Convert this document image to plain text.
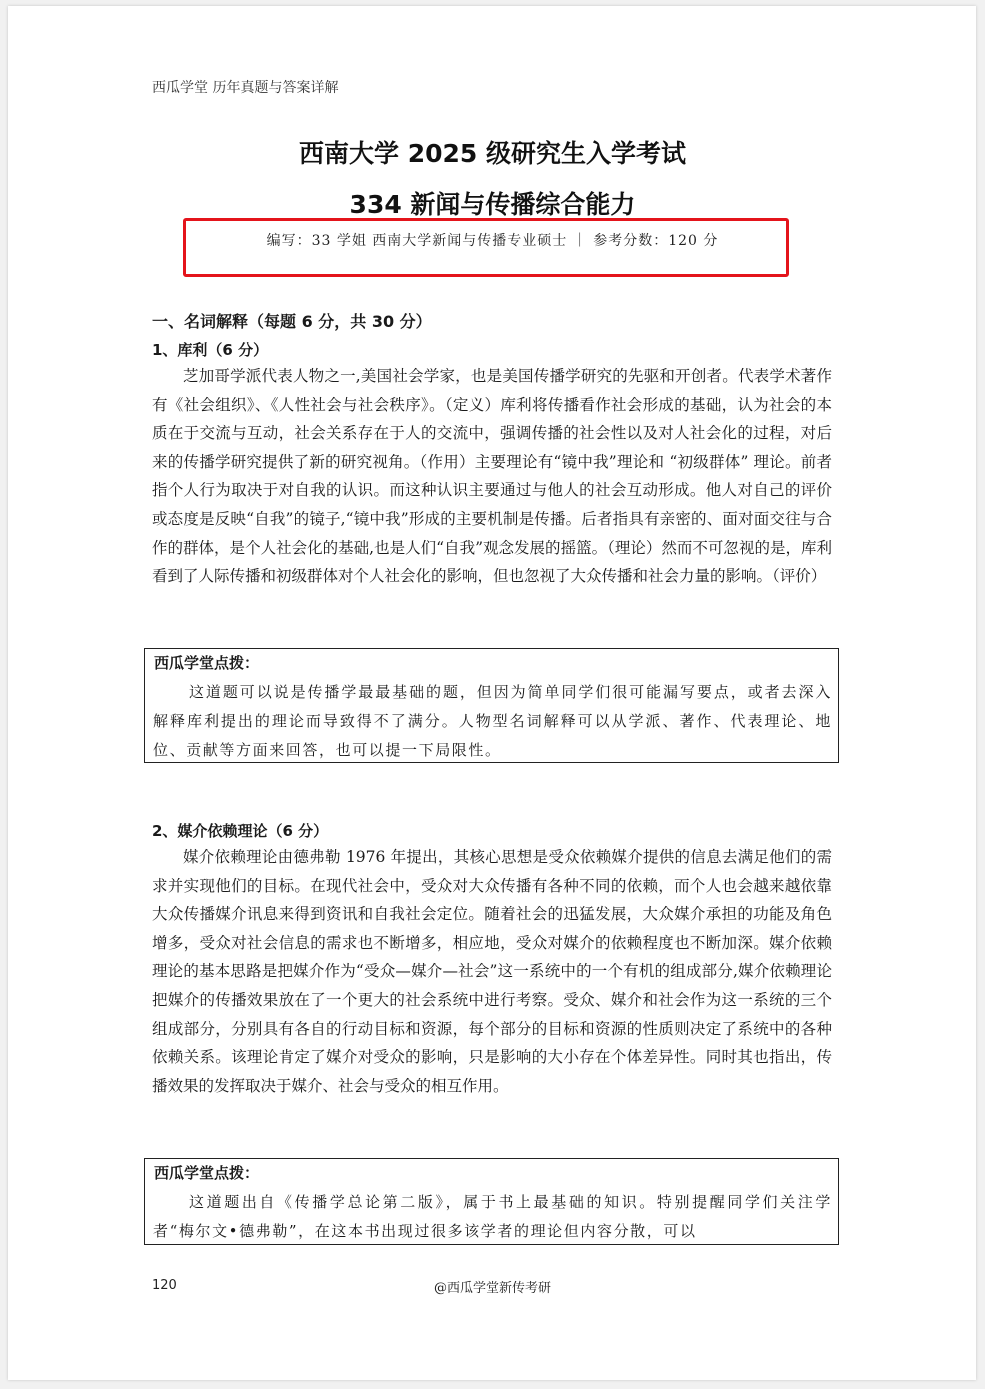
西瓜学堂 历年真题与答案详解
西南大学 2025 级研究生入学考试
334 新闻与传播综合能力
编写：33 学姐 西南大学新闻与传播专业硕士 ｜ 参考分数：120 分
一、名词解释（每题 6 分，共 30 分）
1、库利（6 分）
芝加哥学派代表人物之一,美国社会学家，也是美国传播学研究的先驱和开创者。代表学术著作有《社会组织》、《人性社会与社会秩序》。（定义）库利将传播看作社会形成的基础，认为社会的本质在于交流与互动，社会关系存在于人的交流中，强调传播的社会性以及对人社会化的过程，对后来的传播学研究提供了新的研究视角。（作用）主要理论有“镜中我”理论和 “初级群体” 理论。前者指个人行为取决于对自我的认识。而这种认识主要通过与他人的社会互动形成。他人对自己的评价或态度是反映“自我”的镜子,“镜中我”形成的主要机制是传播。后者指具有亲密的、面对面交往与合作的群体，是个人社会化的基础,也是人们“自我”观念发展的摇篮。（理论）然而不可忽视的是，库利看到了人际传播和初级群体对个人社会化的影响，但也忽视了大众传播和社会力量的影响。（评价）
西瓜学堂点拨：
这道题可以说是传播学最最基础的题，但因为简单同学们很可能漏写要点，或者去深入解释库利提出的理论而导致得不了满分。人物型名词解释可以从学派、著作、代表理论、地位、贡献等方面来回答，也可以提一下局限性。
2、媒介依赖理论（6 分）
媒介依赖理论由德弗勒 1976 年提出，其核心思想是受众依赖媒介提供的信息去满足他们的需求并实现他们的目标。在现代社会中，受众对大众传播有各种不同的依赖，而个人也会越来越依靠大众传播媒介讯息来得到资讯和自我社会定位。随着社会的迅猛发展，大众媒介承担的功能及角色增多，受众对社会信息的需求也不断增多，相应地，受众对媒介的依赖程度也不断加深。媒介依赖理论的基本思路是把媒介作为“受众—媒介—社会”这一系统中的一个有机的组成部分,媒介依赖理论把媒介的传播效果放在了一个更大的社会系统中进行考察。受众、媒介和社会作为这一系统的三个组成部分，分别具有各自的行动目标和资源，每个部分的目标和资源的性质则决定了系统中的各种依赖关系。该理论肯定了媒介对受众的影响，只是影响的大小存在个体差异性。同时其也指出，传播效果的发挥取决于媒介、社会与受众的相互作用。
西瓜学堂点拨：
这道题出自《传播学总论第二版》，属于书上最基础的知识。特别提醒同学们关注学者“梅尔文•德弗勒”，在这本书出现过很多该学者的理论但内容分散，可以
120	@西瓜学堂新传考研
